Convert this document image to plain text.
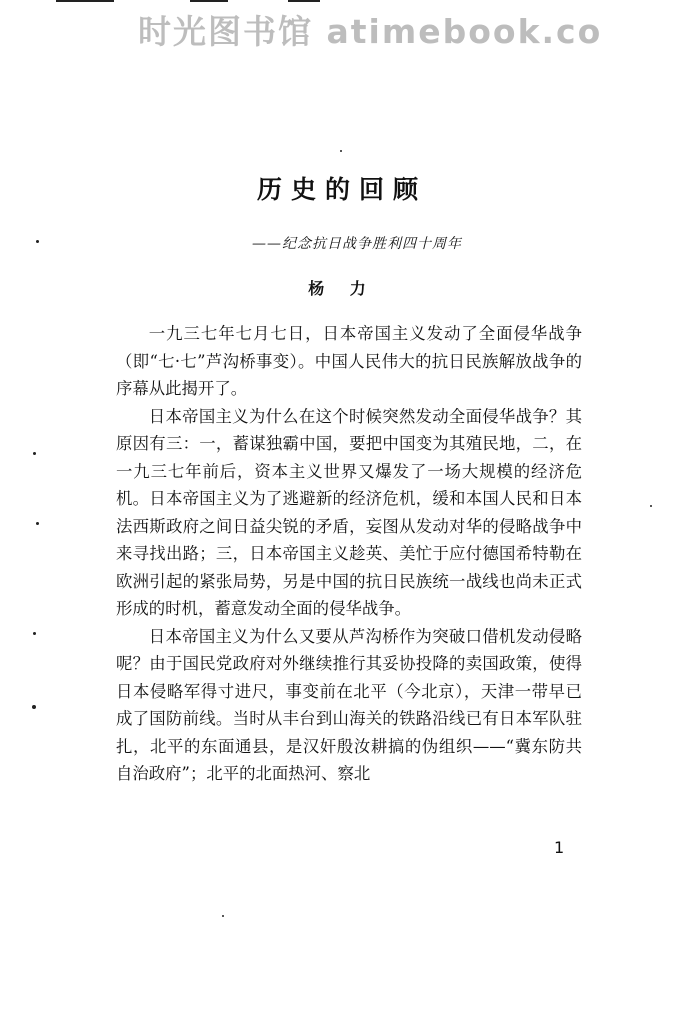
时光图书馆 atimebook.co
历史的回顾
——纪念抗日战争胜利四十周年
杨 力

一九三七年七月七日，日本帝国主义发动了全面侵华战争（即“七·七”芦沟桥事变）。中国人民伟大的抗日民族解放战争的序幕从此揭开了。

日本帝国主义为什么在这个时候突然发动全面侵华战争？其原因有三：一，蓄谋独霸中国，要把中国变为其殖民地，二，在一九三七年前后，资本主义世界又爆发了一场大规模的经济危机。日本帝国主义为了逃避新的经济危机，缓和本国人民和日本法西斯政府之间日益尖锐的矛盾，妄图从发动对华的侵略战争中来寻找出路；三，日本帝国主义趁英、美忙于应付德国希特勒在欧洲引起的紧张局势，另是中国的抗日民族统一战线也尚未正式形成的时机，蓄意发动全面的侵华战争。

日本帝国主义为什么又要从芦沟桥作为突破口借机发动侵略呢？由于国民党政府对外继续推行其妥协投降的卖国政策，使得日本侵略军得寸进尺，事变前在北平（今北京），天津一带早已成了国防前线。当时从丰台到山海关的铁路沿线已有日本军队驻扎，北平的东面通县，是汉奸殷汝耕搞的伪组织——“冀东防共自治政府”；北平的北面热河、察北

1
